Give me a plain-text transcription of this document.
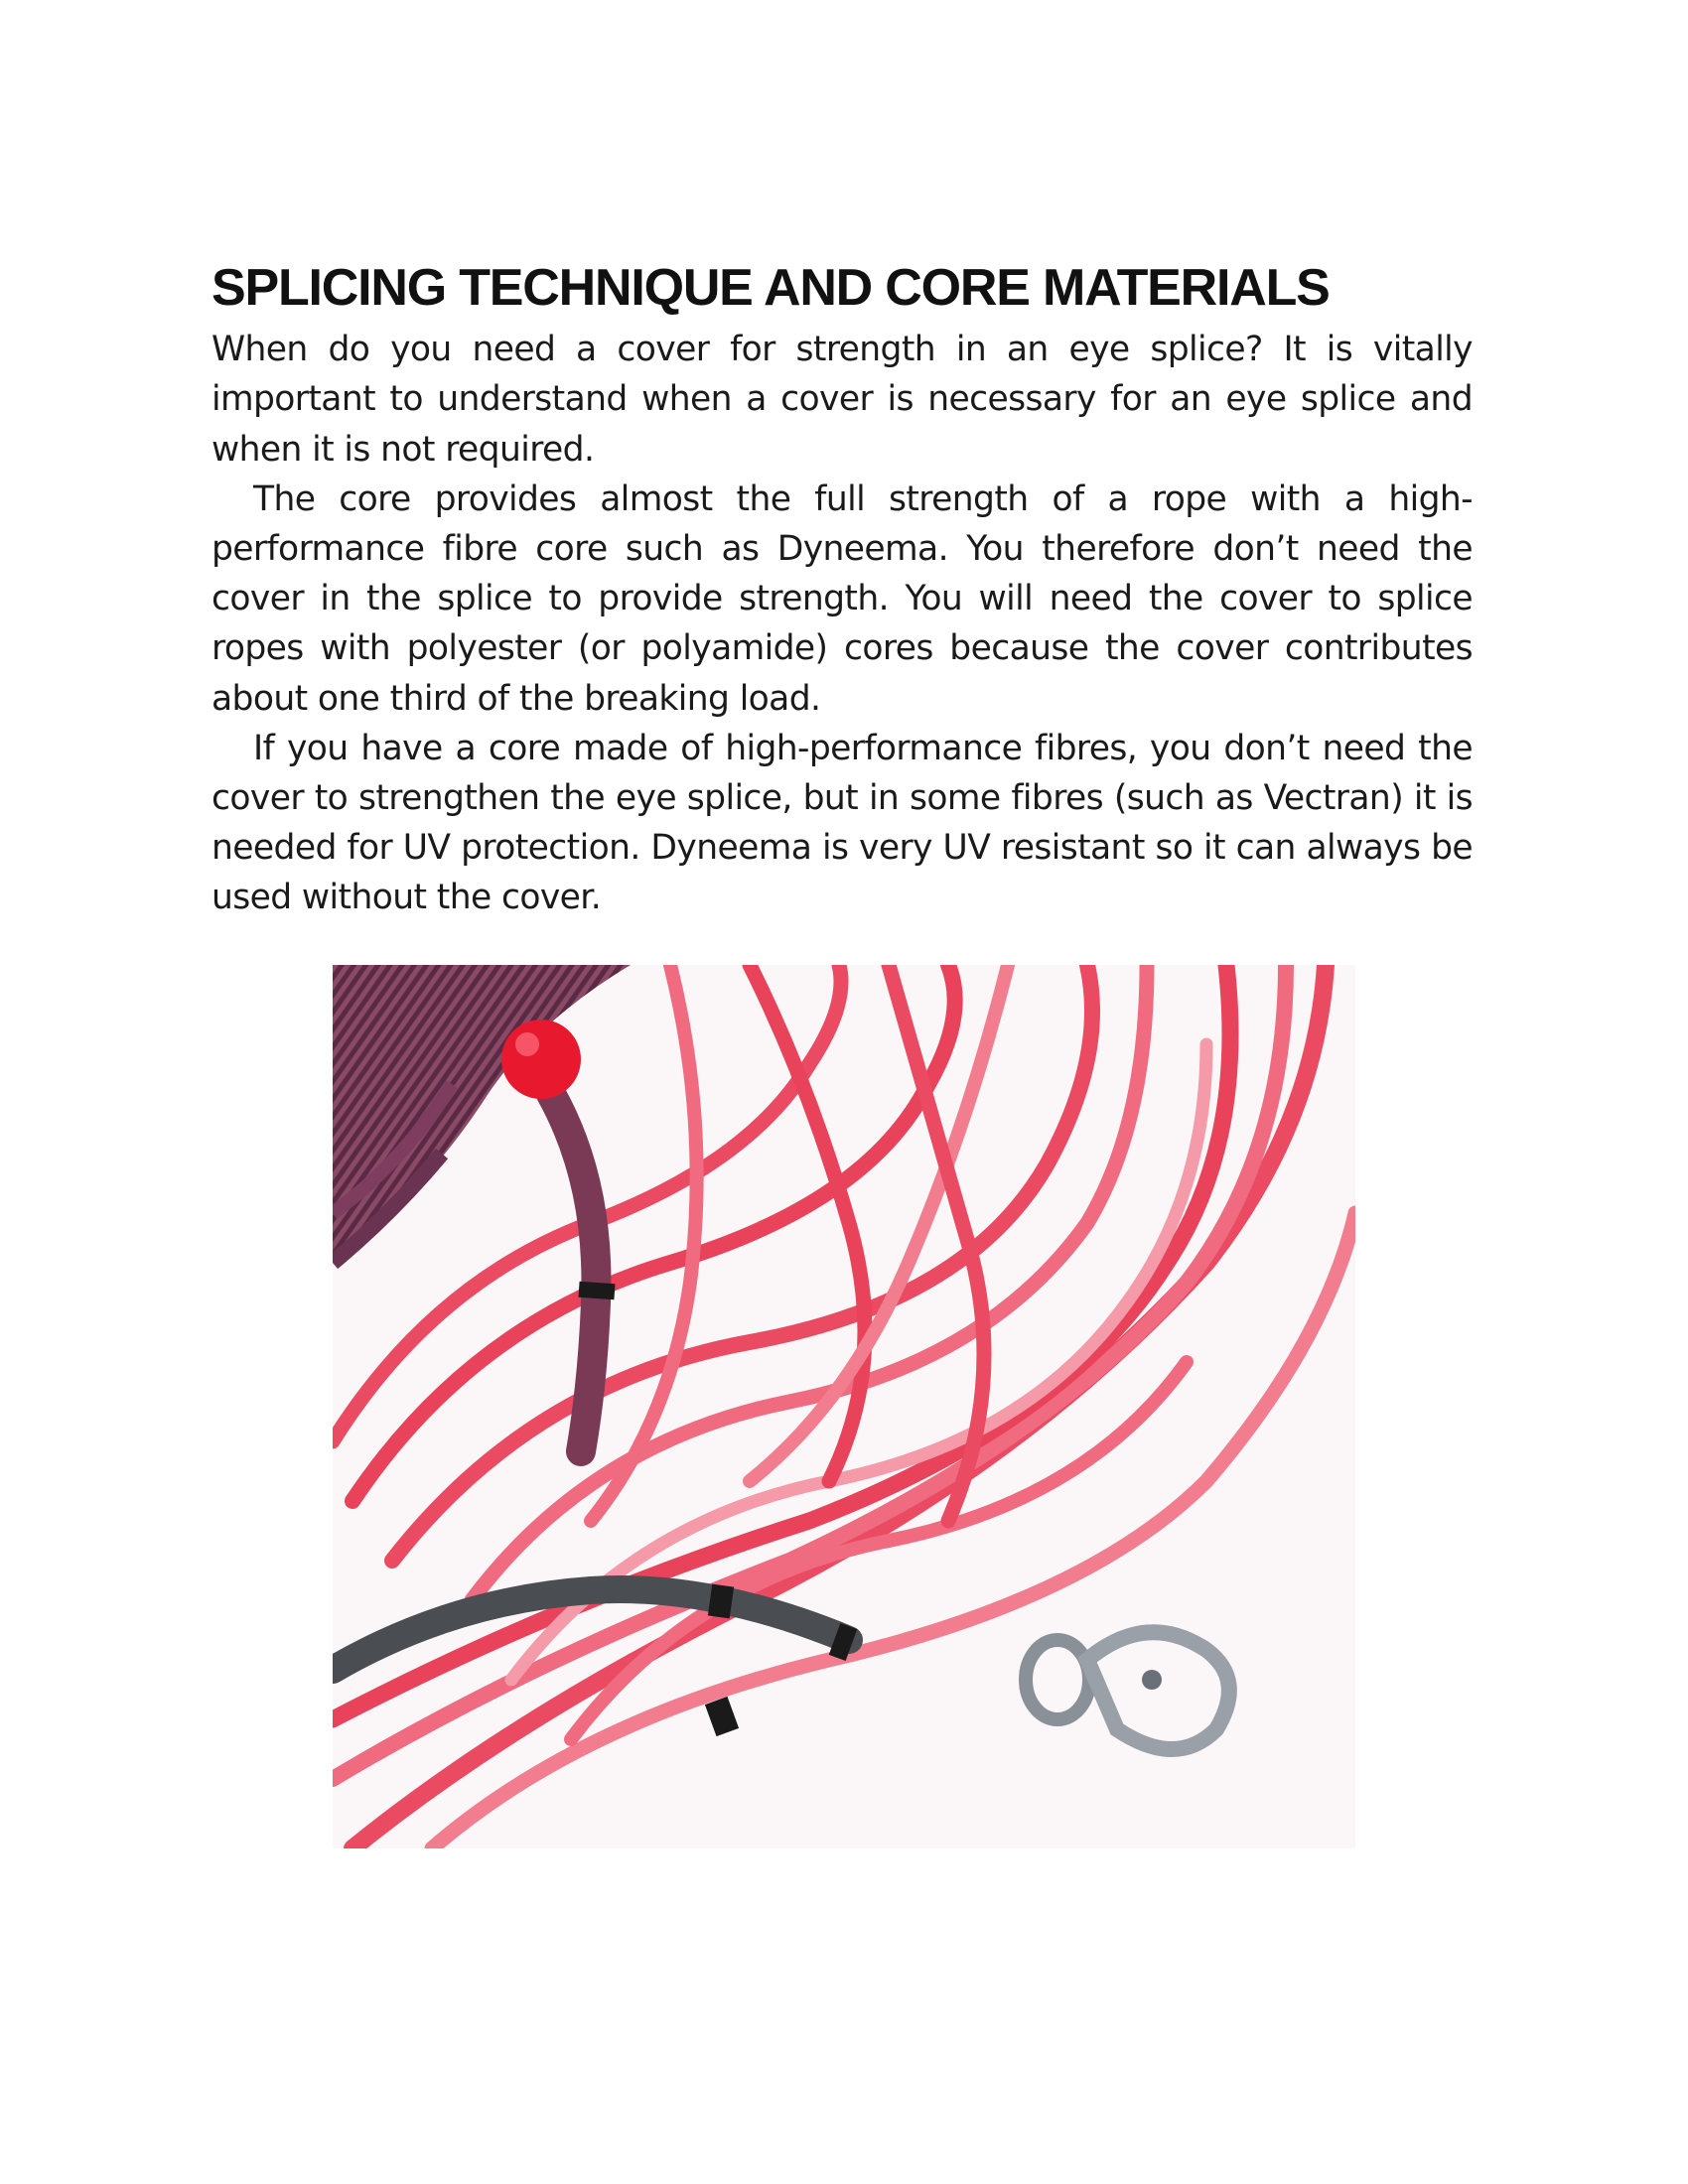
SPLICING TECHNIQUE AND CORE MATERIALS

When do you need a cover for strength in an eye splice? It is vitally important to understand when a cover is necessary for an eye splice and when it is not required.

The core provides almost the full strength of a rope with a high-performance fibre core such as Dyneema. You therefore don’t need the cover in the splice to provide strength. You will need the cover to splice ropes with polyester (or polyamide) cores because the cover contributes about one third of the breaking load.

If you have a core made of high-performance fibres, you don’t need the cover to strengthen the eye splice, but in some fibres (such as Vectran) it is needed for UV protection. Dyneema is very UV resistant so it can always be used without the cover.
